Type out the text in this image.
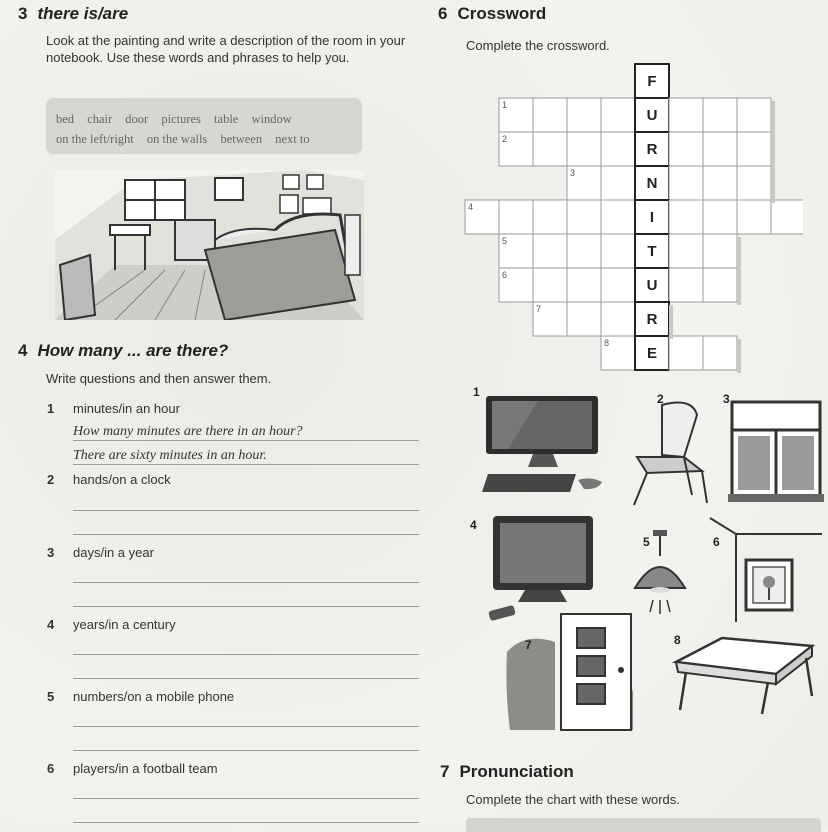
3 there is/are
Look at the painting and write a description of the room in your notebook. Use these words and phrases to help you.
bed chair door pictures table window
on the left/right on the walls between next to
4 How many ... are there?
Write questions and then answer them.
1 minutes/in an hour
How many minutes are there in an hour?
There are sixty minutes in an hour.
2 hands/on a clock
3 days/in a year
4 years/in a century
5 numbers/on a mobile phone
6 players/in a football team
6 Crossword
Complete the crossword.
1
2
3
4
5
6
7
8
F
U
R
N
I
T
U
R
E
1	2	3
4
5	6
7	8
7 Pronunciation
Complete the chart with these words.
